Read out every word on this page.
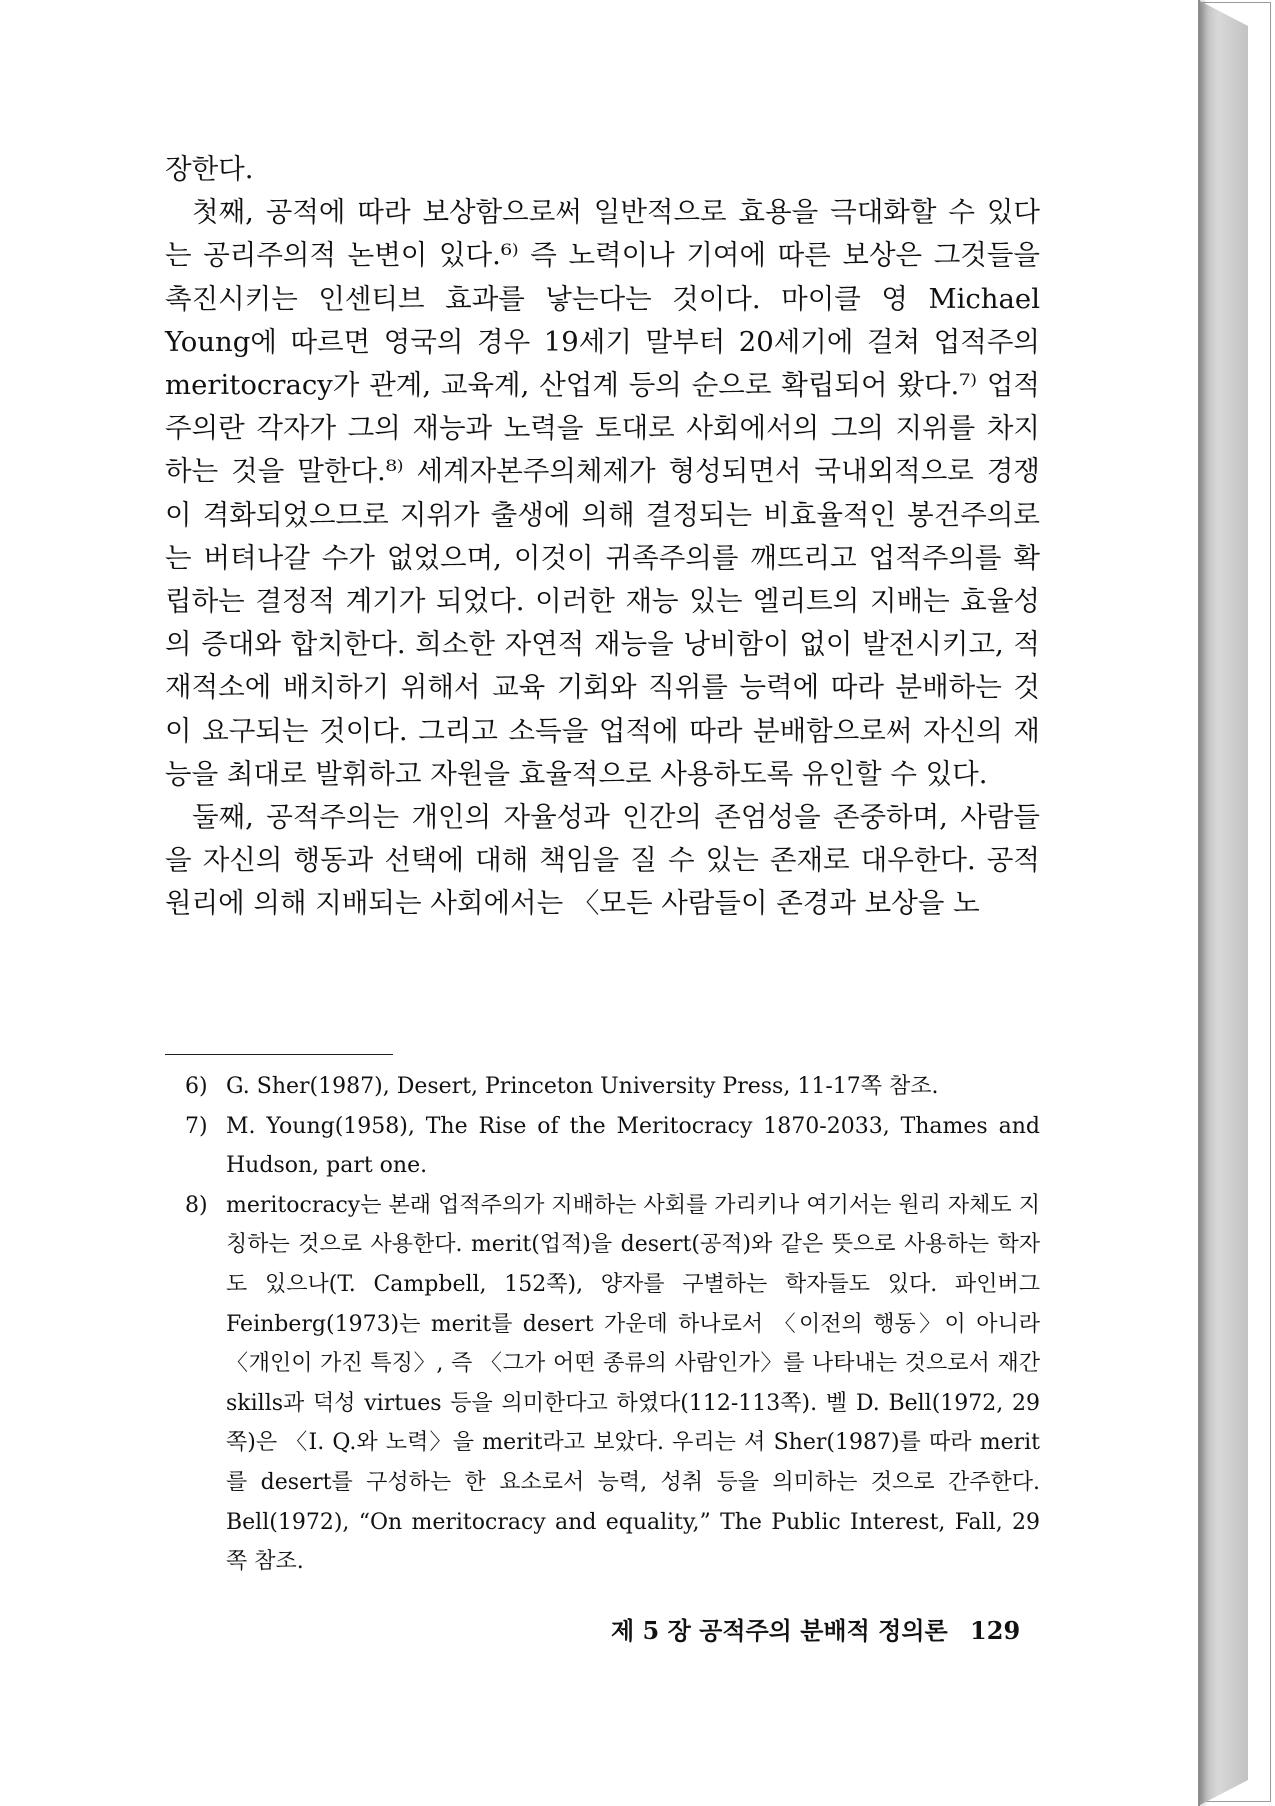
장한다.

첫째, 공적에 따라 보상함으로써 일반적으로 효용을 극대화할 수 있다는 공리주의적 논변이 있다.⁶⁾ 즉 노력이나 기여에 따른 보상은 그것들을 촉진시키는 인센티브 효과를 낳는다는 것이다. 마이클 영 Michael Young에 따르면 영국의 경우 19세기 말부터 20세기에 걸쳐 업적주의 meritocracy가 관계, 교육계, 산업계 등의 순으로 확립되어 왔다.⁷⁾ 업적주의란 각자가 그의 재능과 노력을 토대로 사회에서의 그의 지위를 차지하는 것을 말한다.⁸⁾ 세계자본주의체제가 형성되면서 국내외적으로 경쟁이 격화되었으므로 지위가 출생에 의해 결정되는 비효율적인 봉건주의로는 버텨나갈 수가 없었으며, 이것이 귀족주의를 깨뜨리고 업적주의를 확립하는 결정적 계기가 되었다. 이러한 재능 있는 엘리트의 지배는 효율성의 증대와 합치한다. 희소한 자연적 재능을 낭비함이 없이 발전시키고, 적재적소에 배치하기 위해서 교육 기회와 직위를 능력에 따라 분배하는 것이 요구되는 것이다. 그리고 소득을 업적에 따라 분배함으로써 자신의 재능을 최대로 발휘하고 자원을 효율적으로 사용하도록 유인할 수 있다.

둘째, 공적주의는 개인의 자율성과 인간의 존엄성을 존중하며, 사람들을 자신의 행동과 선택에 대해 책임을 질 수 있는 존재로 대우한다. 공적 원리에 의해 지배되는 사회에서는 〈모든 사람들이 존경과 보상을 노

6) G. Sher(1987), Desert, Princeton University Press, 11-17쪽 참조.
7) M. Young(1958), The Rise of the Meritocracy 1870-2033, Thames and Hudson, part one.
8) meritocracy는 본래 업적주의가 지배하는 사회를 가리키나 여기서는 원리 자체도 지칭하는 것으로 사용한다. merit(업적)을 desert(공적)와 같은 뜻으로 사용하는 학자도 있으나(T. Campbell, 152쪽), 양자를 구별하는 학자들도 있다. 파인버그 Feinberg(1973)는 merit를 desert 가운데 하나로서 〈이전의 행동〉이 아니라 〈개인이 가진 특징〉, 즉 〈그가 어떤 종류의 사람인가〉를 나타내는 것으로서 재간 skills과 덕성 virtues 등을 의미한다고 하였다(112-113쪽). 벨 D. Bell(1972, 29쪽)은 〈I. Q.와 노력〉을 merit라고 보았다. 우리는 셔 Sher(1987)를 따라 merit를 desert를 구성하는 한 요소로서 능력, 성취 등을 의미하는 것으로 간주한다. Bell(1972), “On meritocracy and equality,” The Public Interest, Fall, 29쪽 참조.
제 5 장 공적주의 분배적 정의론 129
